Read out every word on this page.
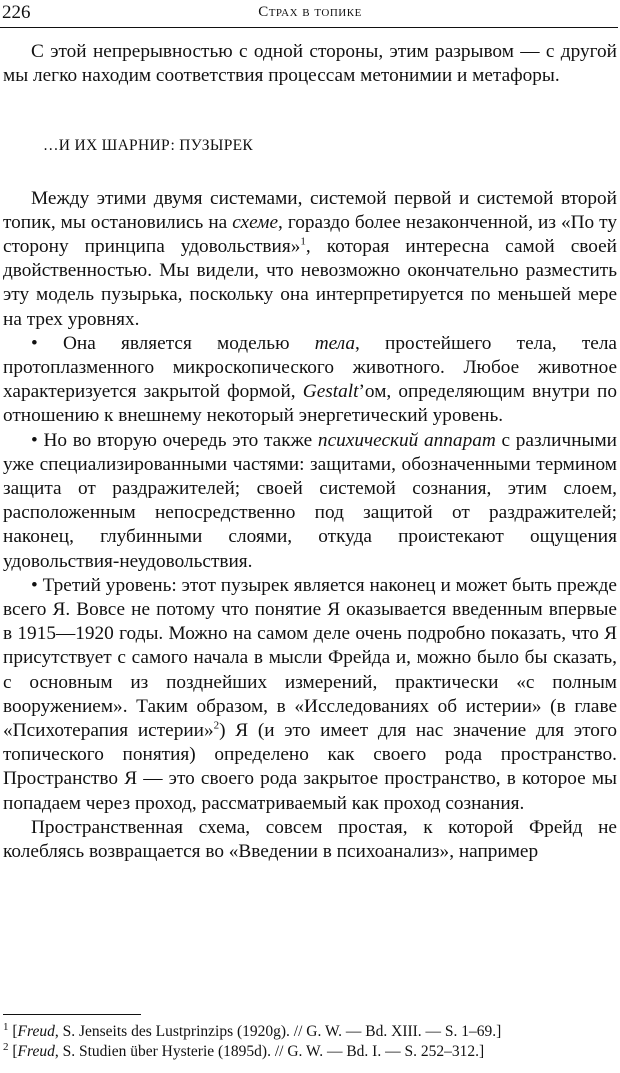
226	Страх в топике

С этой непрерывностью с одной стороны, этим разрывом — с другой мы легко находим соответствия процессам метонимии и метафоры.

…И ИХ ШАРНИР: ПУЗЫРЕК

Между этими двумя системами, системой первой и системой второй топик, мы остановились на схеме, гораздо более незаконченной, из «По ту сторону принципа удовольствия»$^1$, которая интересна самой своей двойственностью. Мы видели, что невозможно окончательно разместить эту модель пузырька, поскольку она интерпретируется по меньшей мере на трех уровнях.

• Она является моделью тела, простейшего тела, тела протоплазменного микроскопического животного. Любое животное характеризуется закрытой формой, Gestalt’ом, определяющим внутри по отношению к внешнему некоторый энергетический уровень.

• Но во вторую очередь это также психический аппарат с различными уже специализированными частями: защитами, обозначенными термином защита от раздражителей; своей системой сознания, этим слоем, расположенным непосредственно под защитой от раздражителей; наконец, глубинными слоями, откуда проистекают ощущения удовольствия-неудовольствия.

• Третий уровень: этот пузырек является наконец и может быть прежде всего Я. Вовсе не потому что понятие Я оказывается введенным впервые в 1915—1920 годы. Можно на самом деле очень подробно показать, что Я присутствует с самого начала в мысли Фрейда и, можно было бы сказать, с основным из позднейших измерений, практически «с полным вооружением». Таким образом, в «Исследованиях об истерии» (в главе «Психотерапия истерии»$^2$) Я (и это имеет для нас значение для этого топического понятия) определено как своего рода пространство. Пространство Я — это своего рода закрытое пространство, в которое мы попадаем через проход, рассматриваемый как проход сознания.

Пространственная схема, совсем простая, к которой Фрейд не колеблясь возвращается во «Введении в психоанализ», например

$^1$ [Freud, S. Jenseits des Lustprinzips (1920g). // G. W. — Bd. XIII. — S. 1–69.]

$^2$ [Freud, S. Studien über Hysterie (1895d). // G. W. — Bd. I. — S. 252–312.]
